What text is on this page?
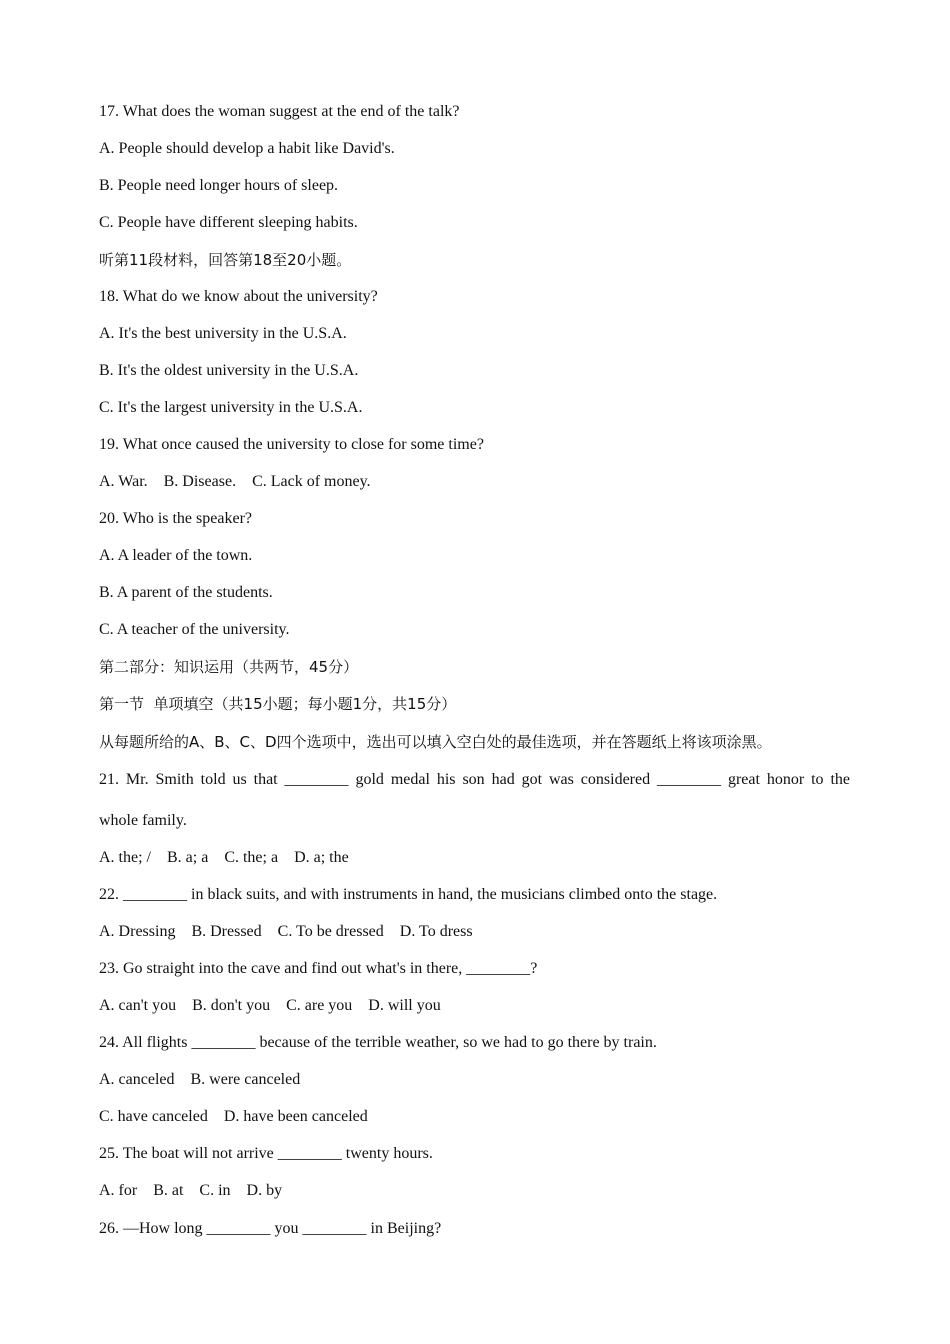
17. What does the woman suggest at the end of the talk?
A. People should develop a habit like David's.
B. People need longer hours of sleep.
C. People have different sleeping habits.
听第11段材料，回答第18至20小题。
18. What do we know about the university?
A. It's the best university in the U.S.A.
B. It's the oldest university in the U.S.A.
C. It's the largest university in the U.S.A.
19. What once caused the university to close for some time?
A. War.    B. Disease.    C. Lack of money.
20. Who is the speaker?
A. A leader of the town.
B. A parent of the students.
C. A teacher of the university.
第二部分：知识运用（共两节，45分）
第一节  单项填空（共15小题；每小题1分，共15分）
从每题所给的A、B、C、D四个选项中，选出可以填入空白处的最佳选项，并在答题纸上将该项涂黑。
21. Mr. Smith told us that ________ gold medal his son had got was considered ________ great honor to the
whole family.
A. the; /    B. a; a    C. the; a    D. a; the
22. ________ in black suits, and with instruments in hand, the musicians climbed onto the stage.
A. Dressing    B. Dressed    C. To be dressed    D. To dress
23. Go straight into the cave and find out what's in there, ________?
A. can't you    B. don't you    C. are you    D. will you
24. All flights ________ because of the terrible weather, so we had to go there by train.
A. canceled    B. were canceled
C. have canceled    D. have been canceled
25. The boat will not arrive ________ twenty hours.
A. for    B. at    C. in    D. by
26. —How long ________ you ________ in Beijing?
